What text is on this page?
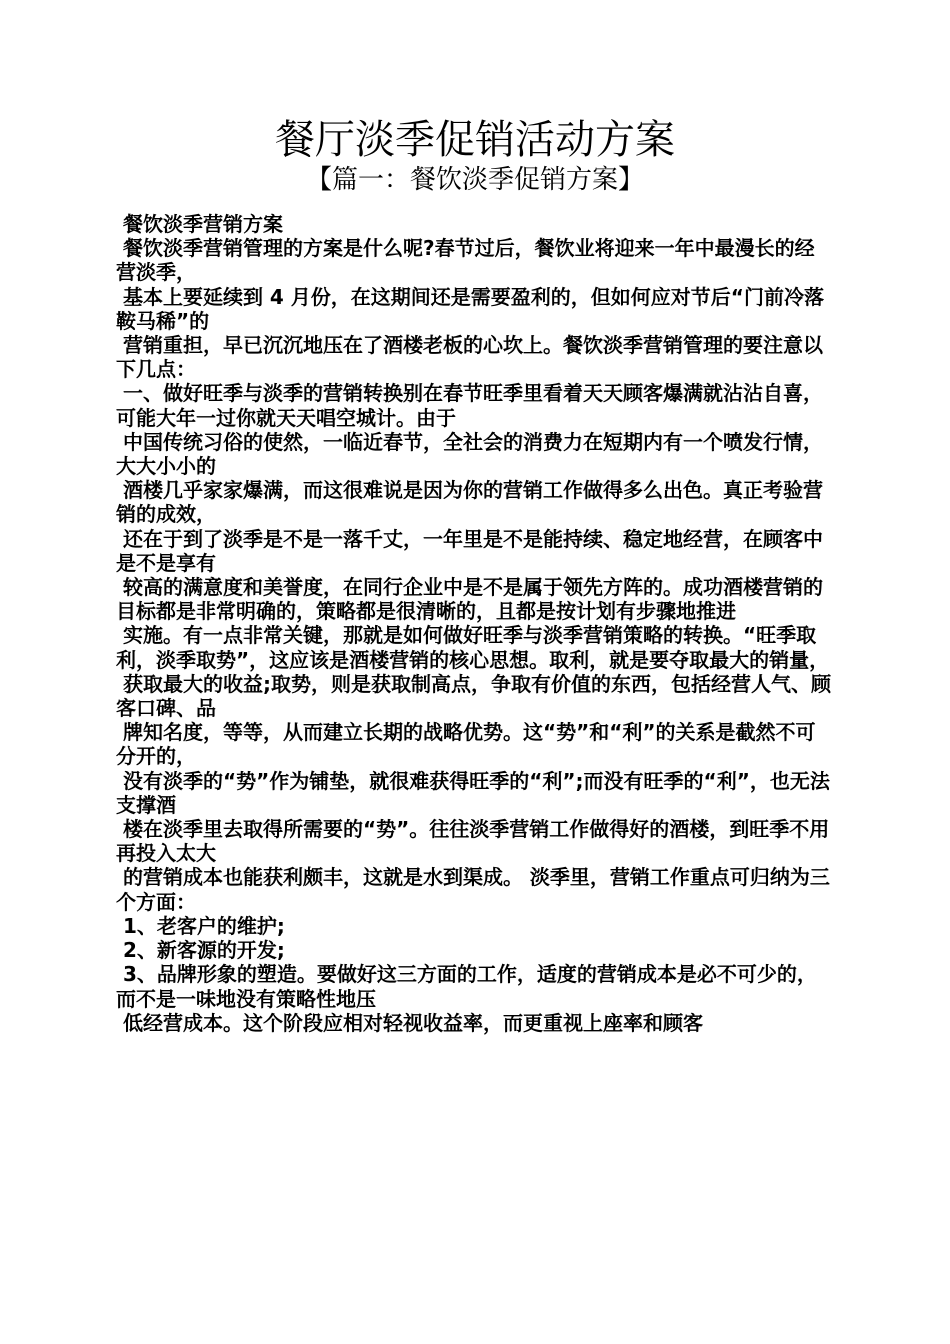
餐厅淡季促销活动方案
【篇一：餐饮淡季促销方案】

餐饮淡季营销方案

餐饮淡季营销管理的方案是什么呢?春节过后，餐饮业将迎来一年中最漫长的经营淡季，

基本上要延续到 4 月份，在这期间还是需要盈利的，但如何应对节后“门前冷落鞍马稀”的

营销重担，早已沉沉地压在了酒楼老板的心坎上。餐饮淡季营销管理的要注意以下几点：

一、做好旺季与淡季的营销转换别在春节旺季里看着天天顾客爆满就沾沾自喜，可能大年一过你就天天唱空城计。由于

中国传统习俗的使然，一临近春节，全社会的消费力在短期内有一个喷发行情，大大小小的

酒楼几乎家家爆满，而这很难说是因为你的营销工作做得多么出色。真正考验营销的成效，

还在于到了淡季是不是一落千丈，一年里是不是能持续、稳定地经营，在顾客中是不是享有

较高的满意度和美誉度，在同行企业中是不是属于领先方阵的。成功酒楼营销的目标都是非常明确的，策略都是很清晰的，且都是按计划有步骤地推进

实施。有一点非常关键，那就是如何做好旺季与淡季营销策略的转换。“旺季取利，淡季取势”，这应该是酒楼营销的核心思想。取利，就是要夺取最大的销量，

获取最大的收益;取势，则是获取制高点，争取有价值的东西，包括经营人气、顾客口碑、品

牌知名度，等等，从而建立长期的战略优势。这“势”和“利”的关系是截然不可分开的，

没有淡季的“势”作为铺垫，就很难获得旺季的“利”;而没有旺季的“利”，也无法支撑酒

楼在淡季里去取得所需要的“势”。往往淡季营销工作做得好的酒楼，到旺季不用再投入太大

的营销成本也能获利颇丰，这就是水到渠成。 淡季里，营销工作重点可归纳为三个方面：

1、老客户的维护;

2、新客源的开发;

3、品牌形象的塑造。要做好这三方面的工作，适度的营销成本是必不可少的，而不是一味地没有策略性地压

低经营成本。这个阶段应相对轻视收益率，而更重视上座率和顾客
